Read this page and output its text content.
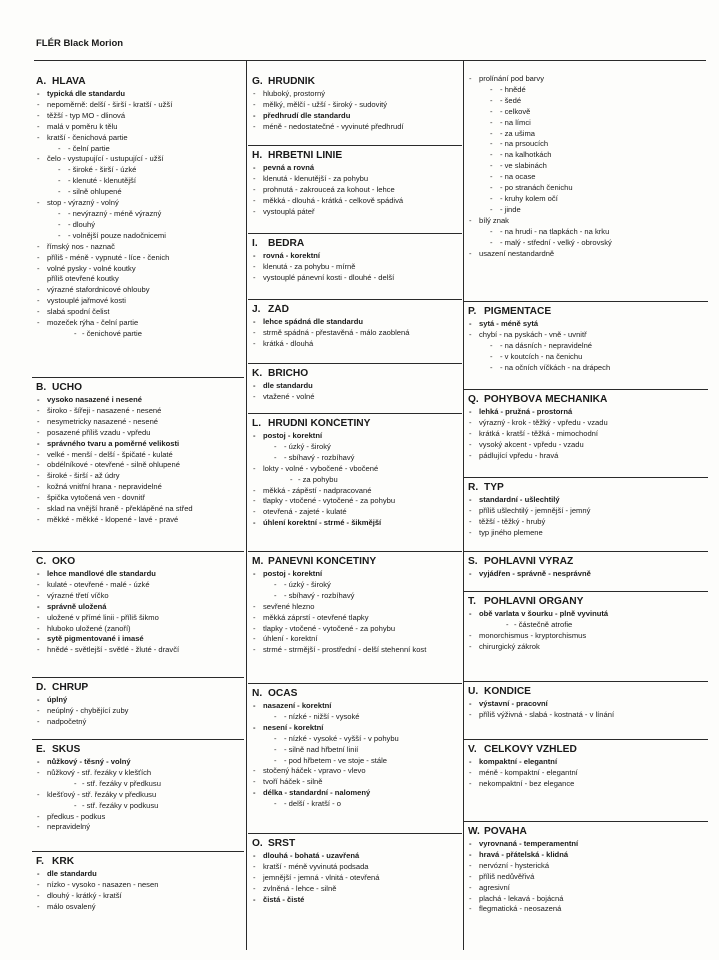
FLÉR Black Morion
A. HLAVA
- typická dle standardu
- nepoměrně: delší - širší - kratší - užší
- těžší - typ MO - dlinová
- malá v poměru k tělu
- kratší - čenichová partie
- - čelní partie
- čelo - vystupující - ustupující - užší
- - široké - širší - úzké
- - klenuté - klenutější
- - silně ohlupené
- stop - výrazný - volný
- - nevýrazný - méně výrazný
- - dlouhý
- - volnější pouze nadočnicemi
- římský nos - naznač
- příliš - méně - vypnuté - líce - čenich
- volné pysky - volné koutky
příliš otevřené koutky
- výrazné stafordnicové ohlouby
- vystouplé jařmové kosti
- slabá spodní čelist
- mozeček rýha - čelní partie
- - čenichové partie
B. UCHO
- vysoko nasazené i nesené
- široko - šířeji - nasazené - nesené
- nesymetricky nasazené - nesené
- posazené příliš vzadu - vpředu
- správného tvaru a poměrné velikosti
- velké - menší - delší - špičaté - kulaté
- obdélníkové - otevřené - silně ohlupené
- široké - širší - až údry
- kožná vnitřní hrana - nepravidelné
- špička vytočená ven - dovnitř
- sklad na vnější hraně - překlápěné na střed
- měkké - měkké - klopené - lavé - pravé
C. OKO
- lehce mandlové dle standardu
- kulaté - otevřené - malé - úzké
- výrazné třetí víčko
- správně uložená
- uložené v přímé linii - příliš šikmo
- hluboko uložené (zanoří)
- sytě pigmentované i imasé
- hnědé - světlejší - světlé - žluté - dravčí
D. CHRUP
- úplný
- neúplný - chybějící zuby
- nadpočetný
E. SKUS
- nůžkový - těsný - volný
- nůžkový - stř. řezáky v klešťích
- - stř. řezáky v předkusu
- klešťový - stř. řezáky v předkusu
- - stř. řezáky v podkusu
- předkus - podkus
- nepravidelný
F. KRK
- dle standardu
- nízko - vysoko - nasazen - nesen
- dlouhý - krátký - kratší
- málo osvalený
G. HRUDNÍK
- hluboký, prostorný
- mělký, mělčí - užší - široký - sudovitý
- předhrudí dle standardu
- méně - nedostatečné - vyvinuté předhrudí
H. HŘBETNÍ LINIE
- pevná a rovná
- klenutá - klenutější - za pohybu
- prohnutá - zakrouceá za kohout - lehce
- měkká - dlouhá - krátká - celkově spádivá
- vystouplá páteř
I. BEDRA
- rovná - korektní
- klenutá - za pohybu - mírně
- vystouplé pánevní kosti - dlouhé - delší
J. ZÁĎ
- lehce spádná dle standardu
- strmě spádná - přestavěná - málo zaoblená
- krátká - dlouhá
K. BŘICHO
- dle standardu
- vtažené - volné
L. HRUDNÍ KONČETINY
- postoj - korektní
- - úzký - široký
- - sbíhavý - rozbíhavý
- lokty - volné - vybočené - vbočené
- - za pohybu
- měkká - zápěstí - nadpracované
- tlapky - vtočené - vytočené - za pohybu
- otevřená - zajeté - kulaté
- úhlení korektní - strmé - šikmější
M. PÁNEVNÍ KONČETINY
- postoj - korektní
- - úzký - široký
- - sbíhavý - rozbíhavý
- sevřené hlezno
- měkká záprstí - otevřené tlapky
- tlapky - vtočené - vytočené - za pohybu
- úhlení - korektní
- strmé - strmější - prostřední - delší stehenní kost
N. OCAS
- nasazení - korektní
- - nízké - nižší - vysoké
- nesení - korektní
- - nízké - vysoké - vyšší - v pohybu
- - silně nad hřbetní linií
- - pod hřbetem - ve stoje - stále
- stočený háček - vpravo - vlevo
- tvoří háček - silně
- délka - standardní - nalomený
- - delší - kratší - o
O. SRST
- dlouhá - bohatá - uzavřená
- kratší - méně vyvinutá podsada
- jemnější - jemná - vlnitá - otevřená
- zvlněná - lehce - silně
- čistá - čisté
- prolínání pod barvy
- - hnědé
- - šedé
- - celkově
- - na límci
- - za ušima
- - na prsoucích
- - na kalhotkách
- - ve slabinách
- - na ocase
- - po stranách čenichu
- - kruhy kolem očí
- - jinde
- bílý znak
- - na hrudi - na tlapkách - na krku
- - malý - střední - velký - obrovský
- usazení nestandardně
P. PIGMENTACE
- sytá - méně sytá
- chybí - na pyskách - vně - uvnitř
- - na dásních - nepravidelné
- - v koutcích - na čenichu
- - na očních víčkách - na drápech
Q. POHYBOVÁ MECHANIKA
- lehká - pružná - prostorná
- výrazný - krok - těžký - vpředu - vzadu
- krátká - kratší - těžká - mimochodní
- vysoký akcent - vpředu - vzadu
- pádlující vpředu - hravá
R. TYP
- standardní - ušlechtilý
- příliš ušlechtilý - jemnější - jemný
- těžší - těžký - hrubý
- typ jiného plemene
S. POHLAVNÍ VÝRAZ
- vyjádřen - správně - nesprávně
T. POHLAVNÍ ORGÁNY
- obě varlata v šourku - plně vyvinutá
- - částečně atrofie
- monorchismus - kryptorchismus
- chirurgický zákrok
U. KONDICE
- výstavní - pracovní
- příliš výživná - slabá - kostnatá - v línání
V. CELKOVÝ VZHLED
- kompaktní - elegantní
- méně - kompaktní - elegantní
- nekompaktní - bez elegance
W. POVAHA
- vyrovnaná - temperamentní
- hravá - přátelská - klidná
- nervózní - hysterická
- příliš nedůvěřivá
- agresivní
- plachá - lekavá - bojácná
- flegmatická - neosazená
